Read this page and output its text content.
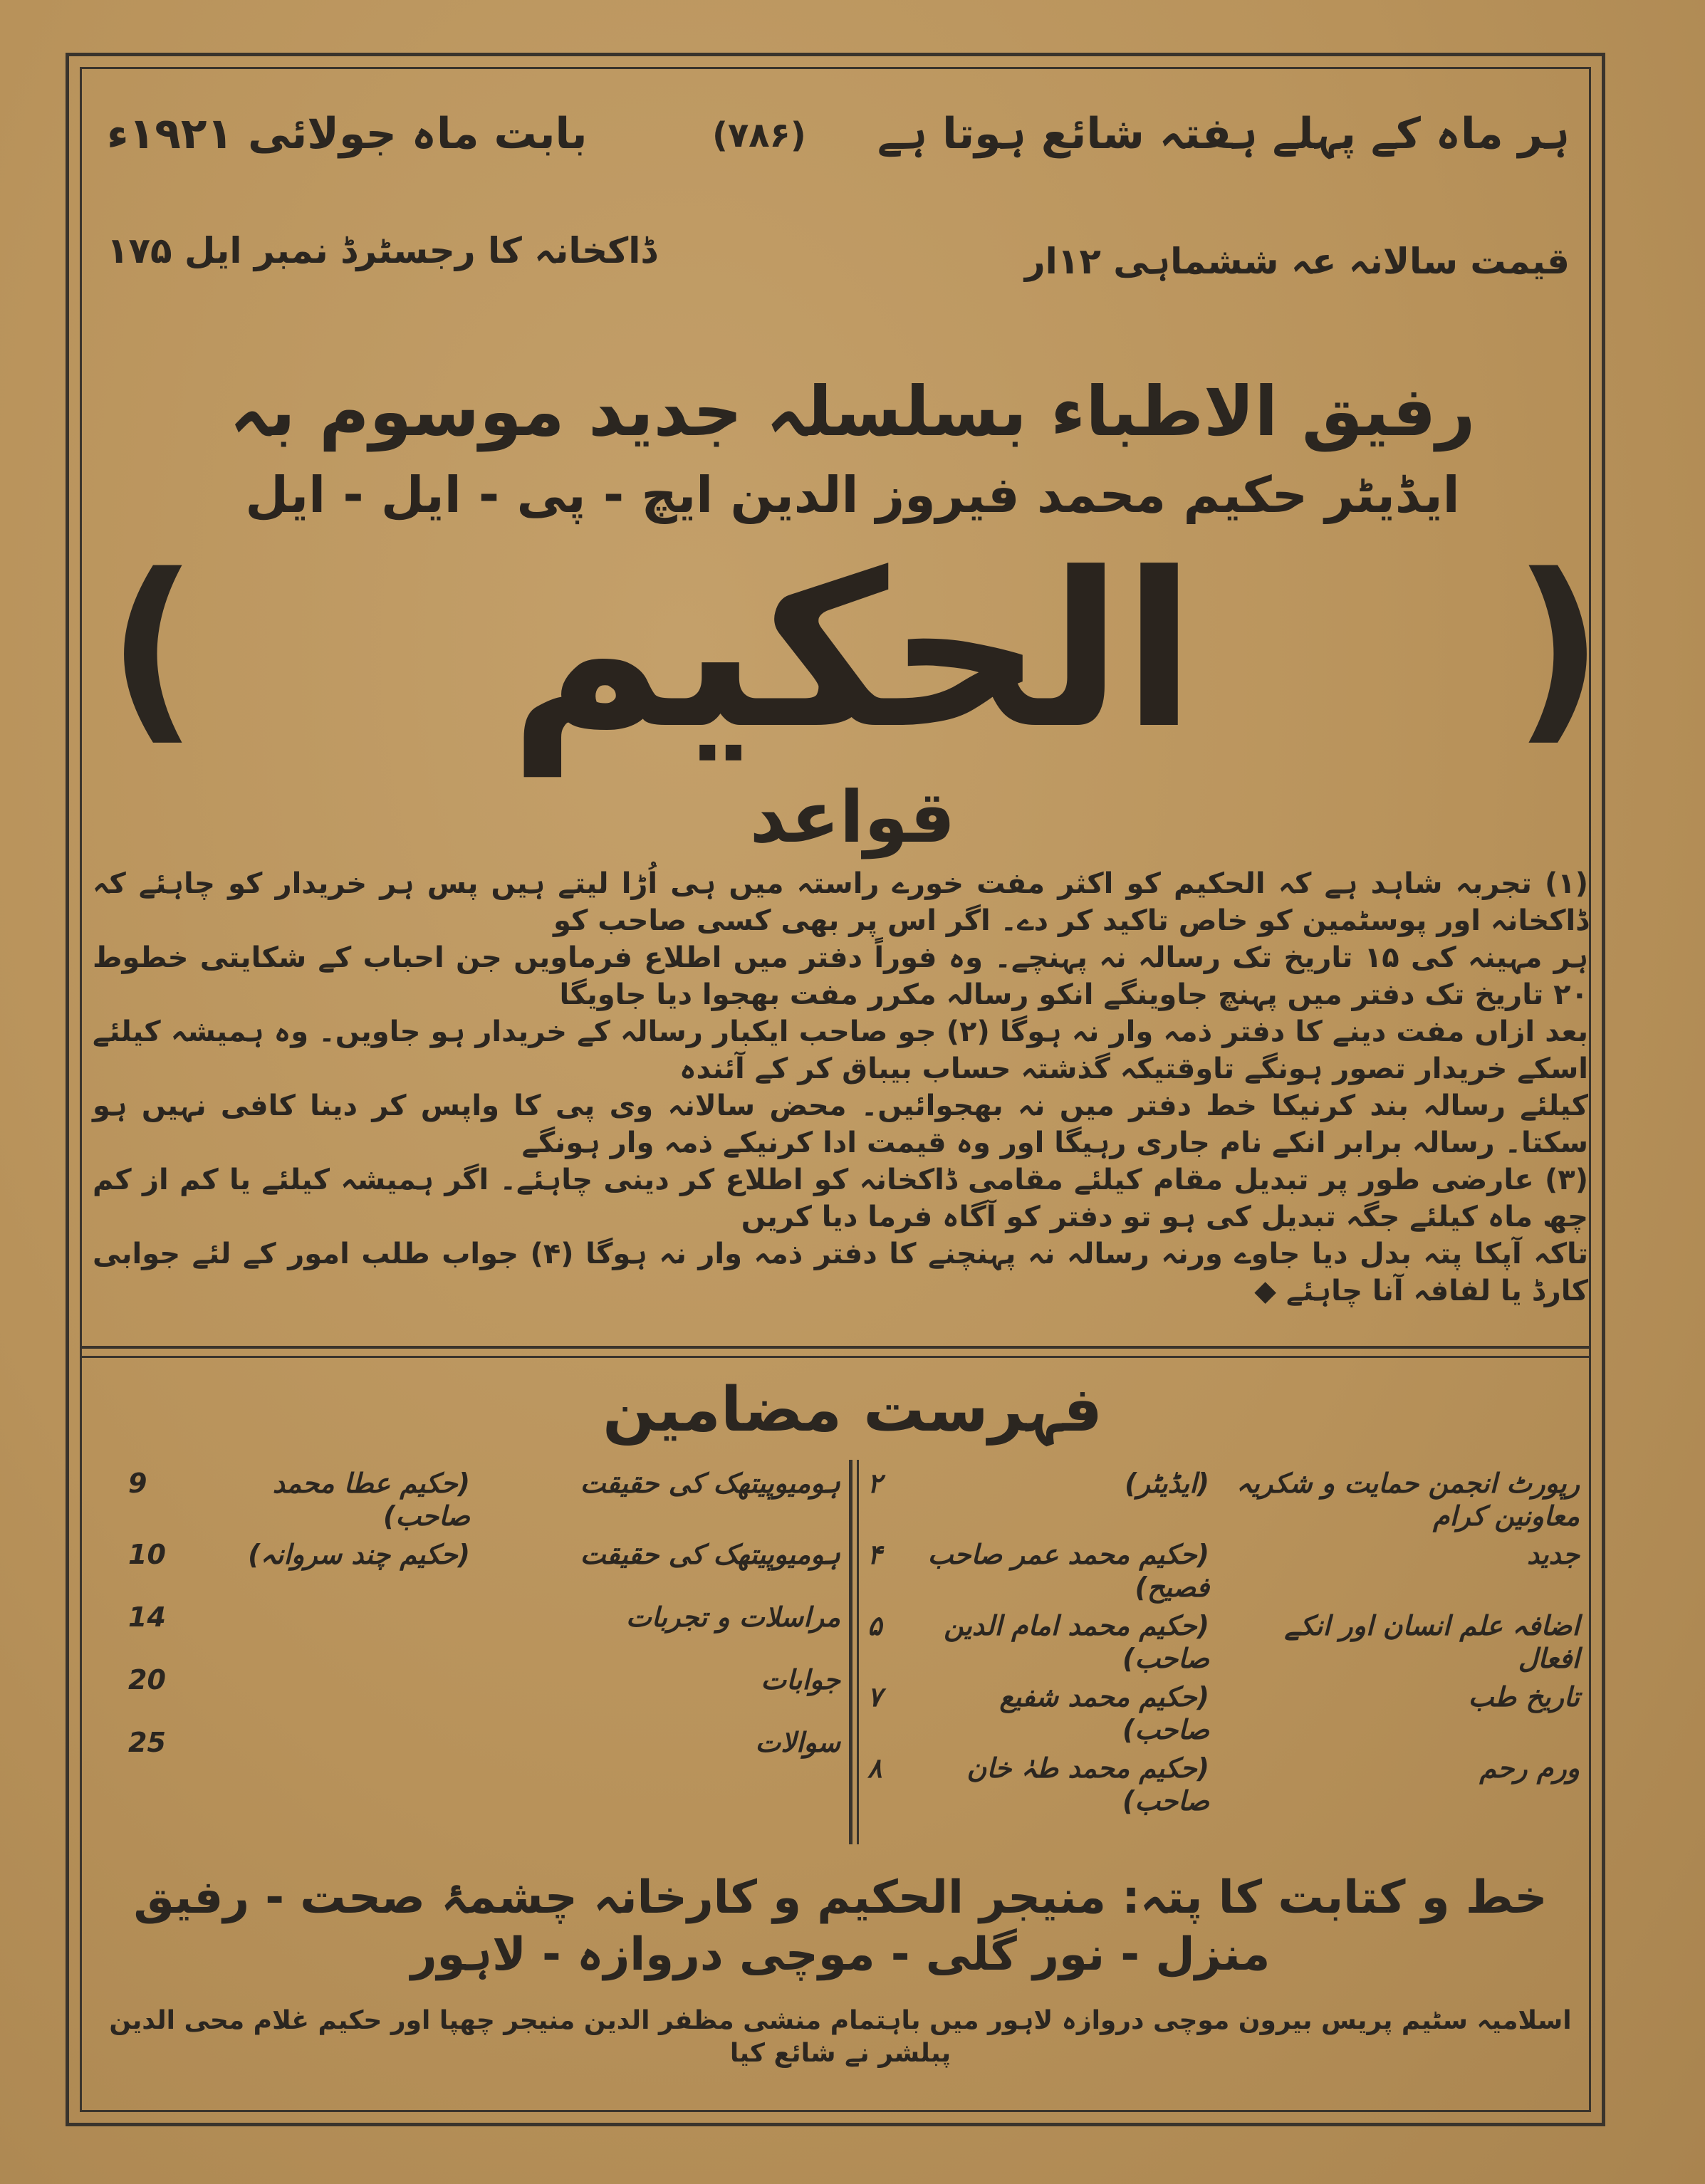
ہر ماہ کے پہلے ہفتہ شائع ہوتا ہے
(۷۸۶)
بابت ماہ جولائی ۱۹۲۱ء
قیمت سالانہ عہ ششماہی ۱۲ار
ڈاکخانہ کا رجسٹرڈ نمبر ایل ۱۷۵
رفیق الاطباء بسلسلہ جدید موسوم بہ
ایڈیٹر حکیم محمد فیروز الدین ایچ - پی - ایل - ایل
(	)
الحکیم
قواعد
(۱) تجربہ شاہد ہے کہ الحکیم کو اکثر مفت خورے راستہ میں ہی اُڑا لیتے ہیں پس ہر خریدار کو چاہئے کہ ڈاکخانہ اور پوسٹمین کو خاص تاکید کر دے۔ اگر اس پر بھی کسی صاحب کو
ہر مہینہ کی ۱۵ تاریخ تک رسالہ نہ پہنچے۔ وہ فوراً دفتر میں اطلاع فرماویں جن احباب کے شکایتی خطوط ۲۰ تاریخ تک دفتر میں پہنچ جاوینگے انکو رسالہ مکرر مفت بھجوا دیا جاویگا
بعد ازاں مفت دینے کا دفتر ذمہ وار نہ ہوگا (۲) جو صاحب ایکبار رسالہ کے خریدار ہو جاویں۔ وہ ہمیشہ کیلئے اسکے خریدار تصور ہونگے تاوقتیکہ گذشتہ حساب بیباق کر کے آئندہ
کیلئے رسالہ بند کرنیکا خط دفتر میں نہ بھجوائیں۔ محض سالانہ وی پی کا واپس کر دینا کافی نہیں ہو سکتا۔ رسالہ برابر انکے نام جاری رہیگا اور وہ قیمت ادا کرنیکے ذمہ وار ہونگے
(۳) عارضی طور پر تبدیل مقام کیلئے مقامی ڈاکخانہ کو اطلاع کر دینی چاہئے۔ اگر ہمیشہ کیلئے یا کم از کم چھ ماہ کیلئے جگہ تبدیل کی ہو تو دفتر کو آگاہ فرما دیا کریں
تاکہ آپکا پتہ بدل دیا جاوے ورنہ رسالہ نہ پہنچنے کا دفتر ذمہ وار نہ ہوگا (۴) جواب طلب امور کے لئے جوابی کارڈ یا لفافہ آنا چاہئے ◆
فہرست مضامین
رپورٹ انجمن حمایت و شکریہ معاونین کرام
(ایڈیٹر)
۲
جدید
(حکیم محمد عمر صاحب فصیح)
۴
اضافہ علم انسان اور انکے افعال
(حکیم محمد امام الدین صاحب)
۵
تاریخ طب
(حکیم محمد شفیع صاحب)
۷
ورم رحم
(حکیم محمد طہٰ خان صاحب)
۸
ہومیوپیتھک کی حقیقت
(حکیم عطا محمد صاحب)
9
ہومیوپیتھک کی حقیقت
(حکیم چند سروانہ)
10
مراسلات و تجربات
14
جوابات
20
سوالات
25
خط و کتابت کا پتہ: منیجر الحکیم و کارخانہ چشمۂ صحت - رفیق منزل - نور گلی - موچی دروازہ - لاہور
اسلامیہ سٹیم پریس بیرون موچی دروازہ لاہور میں باہتمام منشی مظفر الدین منیجر چھپا اور حکیم غلام محی الدین پبلشر نے شائع کیا
